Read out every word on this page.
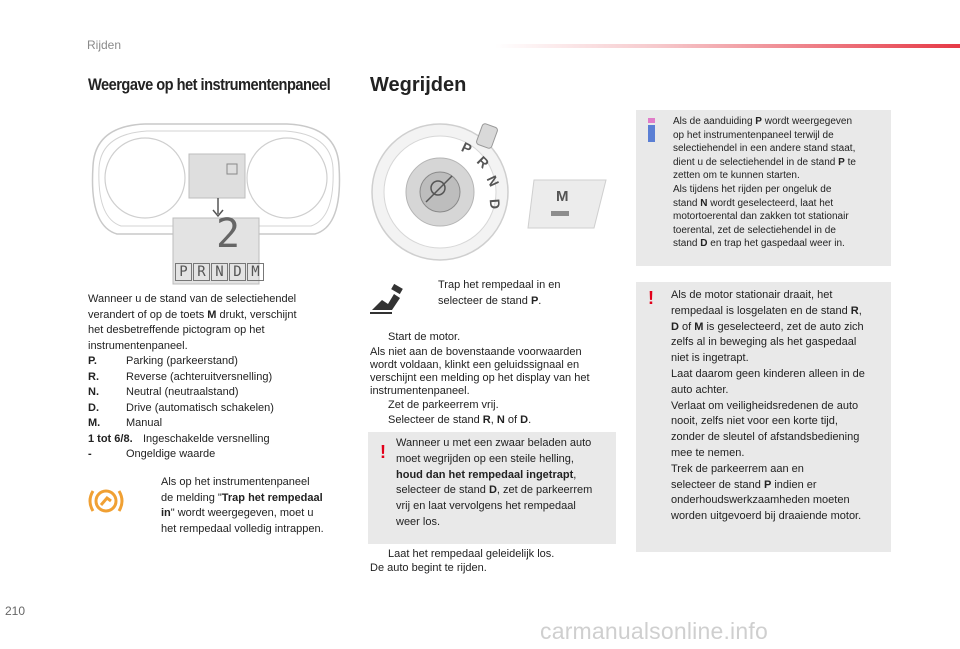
Rijden
Weergave op het instrumentenpaneel
2
P R N D M
Wanneer u de stand van de selectiehendel
verandert of op de toets M drukt, verschijnt
het desbetreffende pictogram op het
instrumentenpaneel.
P.	Parking (parkeerstand)
R.	Reverse (achteruitversnelling)
N.	Neutral (neutraalstand)
D.	Drive (automatisch schakelen)
M.	Manual
1 tot 6/8. Ingeschakelde versnelling
-	Ongeldige waarde
Als op het instrumentenpaneel
de melding "Trap het rempedaal
in" wordt weergegeven, moet u
het rempedaal volledig intrappen.
Wegrijden
P
R
N
D	M
Trap het rempedaal in en
selecteer de stand P.
Start de motor.
Als niet aan de bovenstaande voorwaarden
wordt voldaan, klinkt een geluidssignaal en
verschijnt een melding op het display van het
instrumentenpaneel.
Zet de parkeerrem vrij.
Selecteer de stand R, N of D.
! Wanneer u met een zwaar beladen auto
moet wegrijden op een steile helling,
houd dan het rempedaal ingetrapt,
selecteer de stand D, zet de parkeerrem
vrij en laat vervolgens het rempedaal
weer los.
Laat het rempedaal geleidelijk los.
De auto begint te rijden.
Als de aanduiding P wordt weergegeven
op het instrumentenpaneel terwijl de
selectiehendel in een andere stand staat,
dient u de selectiehendel in de stand P te
zetten om te kunnen starten.
Als tijdens het rijden per ongeluk de
stand N wordt geselecteerd, laat het
motortoerental dan zakken tot stationair
toerental, zet de selectiehendel in de
stand D en trap het gaspedaal weer in.
! Als de motor stationair draait, het
rempedaal is losgelaten en de stand R,
D of M is geselecteerd, zet de auto zich
zelfs al in beweging als het gaspedaal
niet is ingetrapt.
Laat daarom geen kinderen alleen in de
auto achter.
Verlaat om veiligheidsredenen de auto
nooit, zelfs niet voor een korte tijd,
zonder de sleutel of afstandsbediening
mee te nemen.
Trek de parkeerrem aan en
selecteer de stand P indien er
onderhoudswerkzaamheden moeten
worden uitgevoerd bij draaiende motor.
210
carmanualsonline.info
